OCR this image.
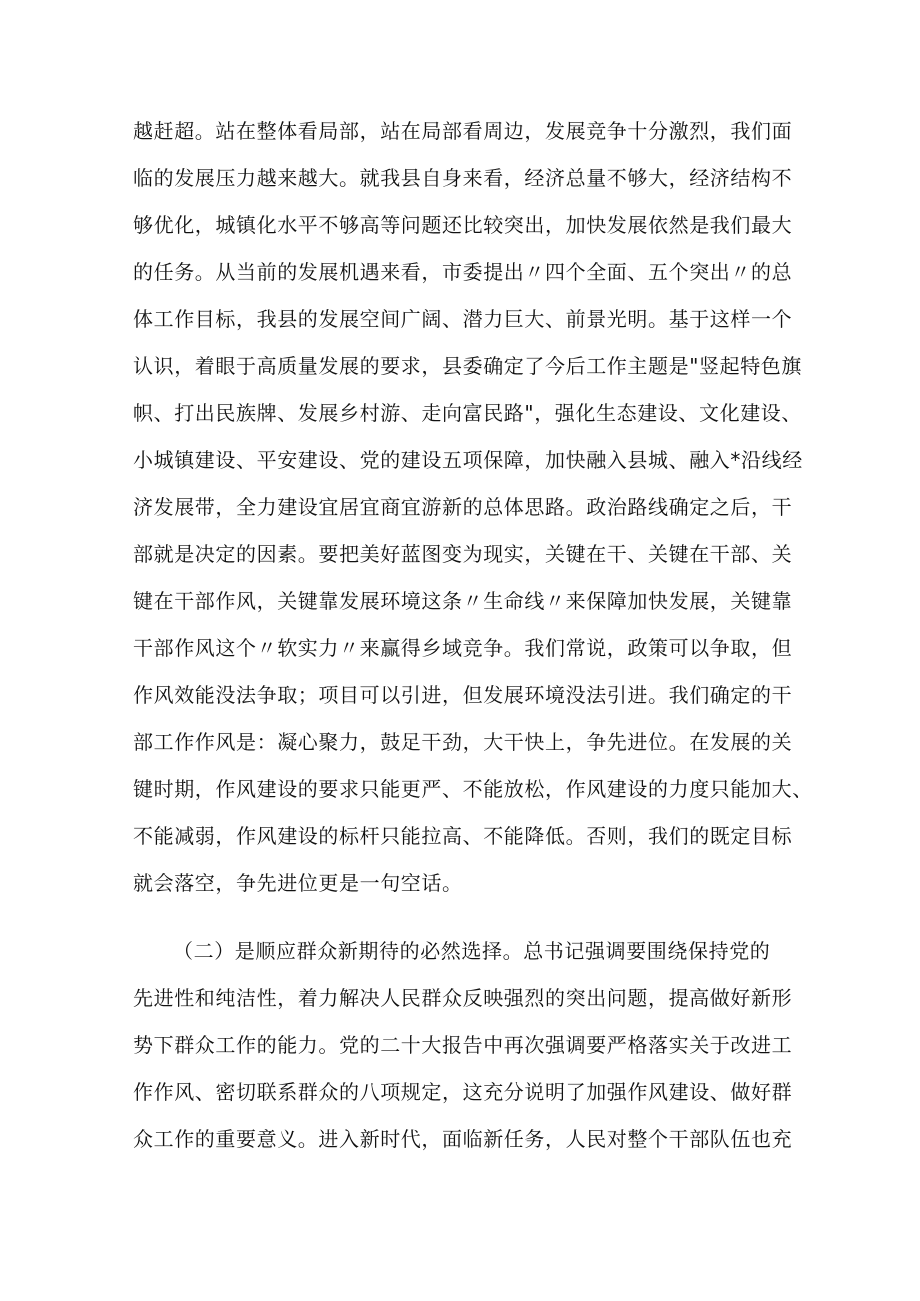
越赶超。站在整体看局部，站在局部看周边，发展竞争十分激烈，我们面
临的发展压力越来越大。就我县自身来看，经济总量不够大，经济结构不
够优化，城镇化水平不够高等问题还比较突出，加快发展依然是我们最大
的任务。从当前的发展机遇来看，市委提出〃四个全面、五个突出〃的总
体工作目标，我县的发展空间广阔、潜力巨大、前景光明。基于这样一个
认识，着眼于高质量发展的要求，县委确定了今后工作主题是"竖起特色旗
帜、打出民族牌、发展乡村游、走向富民路"，强化生态建设、文化建设、
小城镇建设、平安建设、党的建设五项保障，加快融入县城、融入*沿线经
济发展带，全力建设宜居宜商宜游新的总体思路。政治路线确定之后，干
部就是决定的因素。要把美好蓝图变为现实，关键在干、关键在干部、关
键在干部作风，关键靠发展环境这条〃生命线〃来保障加快发展，关键靠
干部作风这个〃软实力〃来赢得乡域竞争。我们常说，政策可以争取，但
作风效能没法争取；项目可以引进，但发展环境没法引进。我们确定的干
部工作作风是：凝心聚力，鼓足干劲，大干快上，争先进位。在发展的关
键时期，作风建设的要求只能更严、不能放松，作风建设的力度只能加大、
不能减弱，作风建设的标杆只能拉高、不能降低。否则，我们的既定目标
就会落空，争先进位更是一句空话。
（二）是顺应群众新期待的必然选择。总书记强调要围绕保持党的
先进性和纯洁性，着力解决人民群众反映强烈的突出问题，提高做好新形
势下群众工作的能力。党的二十大报告中再次强调要严格落实关于改进工
作作风、密切联系群众的八项规定，这充分说明了加强作风建设、做好群
众工作的重要意义。进入新时代，面临新任务，人民对整个干部队伍也充
